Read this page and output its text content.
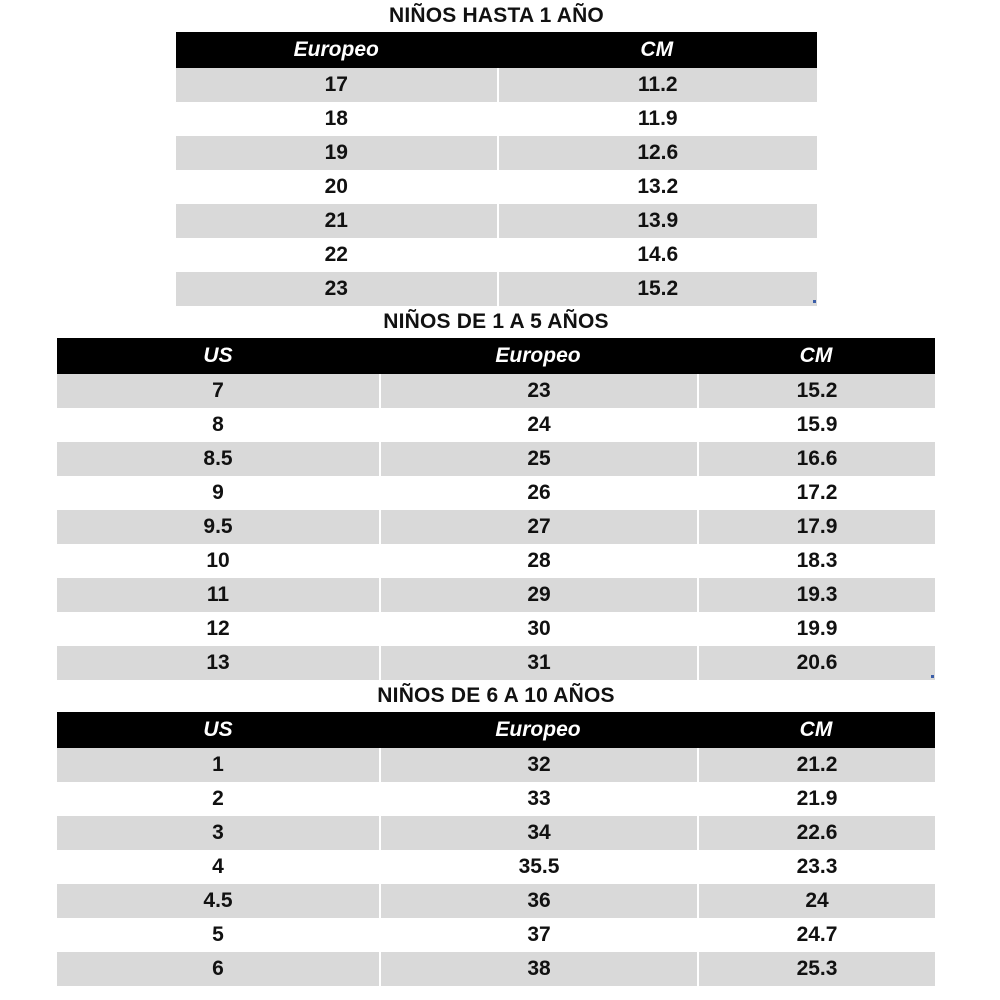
NIÑOS HASTA 1 AÑO
Europeo	CM
17	11.2
18	11.9
19	12.6
20	13.2
21	13.9
22	14.6
23	15.2
NIÑOS DE 1 A 5 AÑOS
US	Europeo	CM
7	23	15.2
8	24	15.9
8.5	25	16.6
9	26	17.2
9.5	27	17.9
10	28	18.3
11	29	19.3
12	30	19.9
13	31	20.6
NIÑOS DE 6 A 10 AÑOS
US	Europeo	CM
1	32	21.2
2	33	21.9
3	34	22.6
4	35.5	23.3
4.5	36	24
5	37	24.7
6	38	25.3
